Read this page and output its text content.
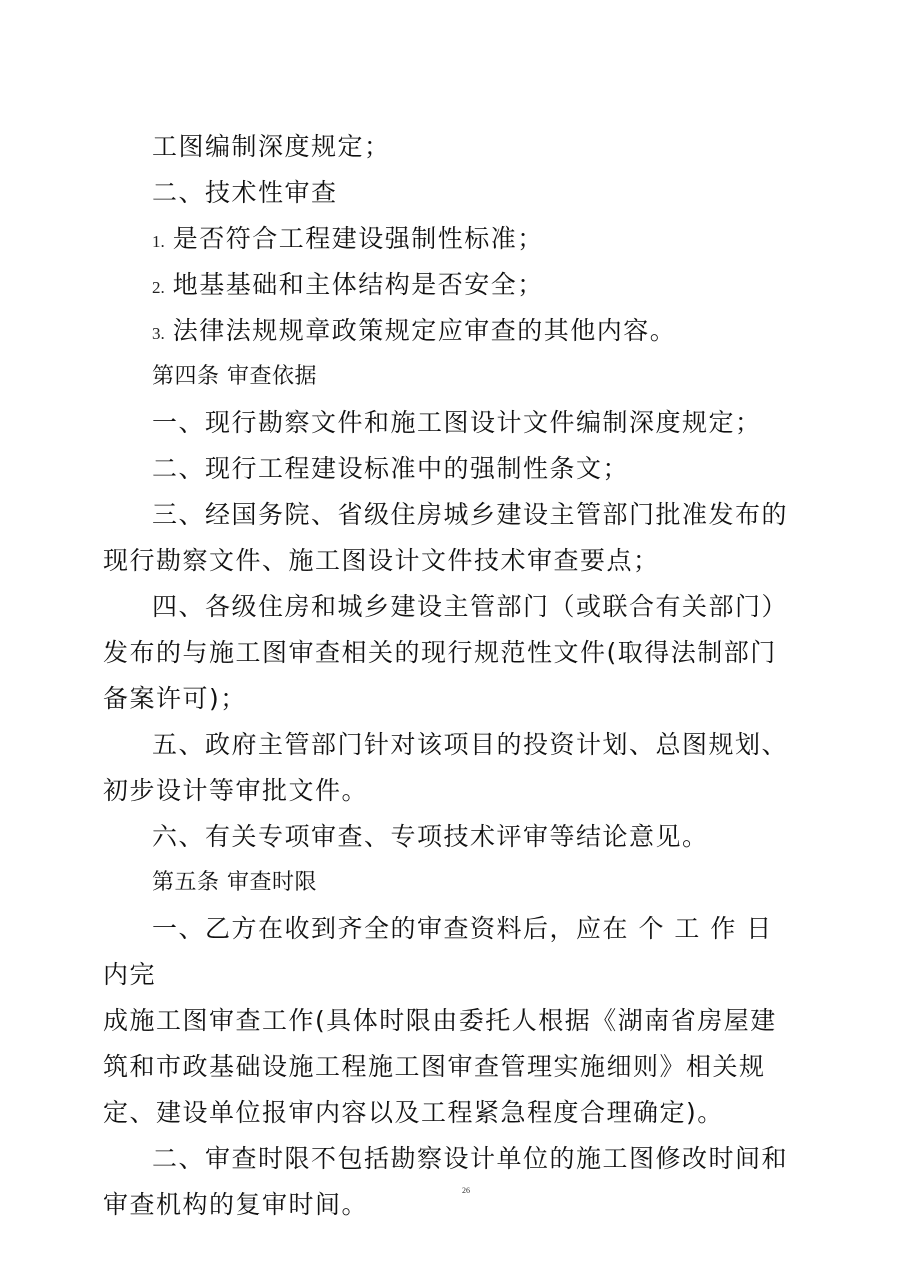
工图编制深度规定；
二、技术性审查
1. 是否符合工程建设强制性标准；
2. 地基基础和主体结构是否安全；
3. 法律法规规章政策规定应审查的其他内容。
第四条 审查依据
一、现行勘察文件和施工图设计文件编制深度规定；
二、现行工程建设标准中的强制性条文；
三、经国务院、省级住房城乡建设主管部门批准发布的
现行勘察文件、施工图设计文件技术审查要点；
四、各级住房和城乡建设主管部门（或联合有关部门）
发布的与施工图审查相关的现行规范性文件(取得法制部门
备案许可)；
五、政府主管部门针对该项目的投资计划、总图规划、
初步设计等审批文件。
六、有关专项审查、专项技术评审等结论意见。
第五条 审查时限
一、乙方在收到齐全的审查资料后，应在 个 工 作 日
内完
成施工图审查工作(具体时限由委托人根据《湖南省房屋建
筑和市政基础设施工程施工图审查管理实施细则》相关规
定、建设单位报审内容以及工程紧急程度合理确定)。
二、审查时限不包括勘察设计单位的施工图修改时间和
审查机构的复审时间。	26
